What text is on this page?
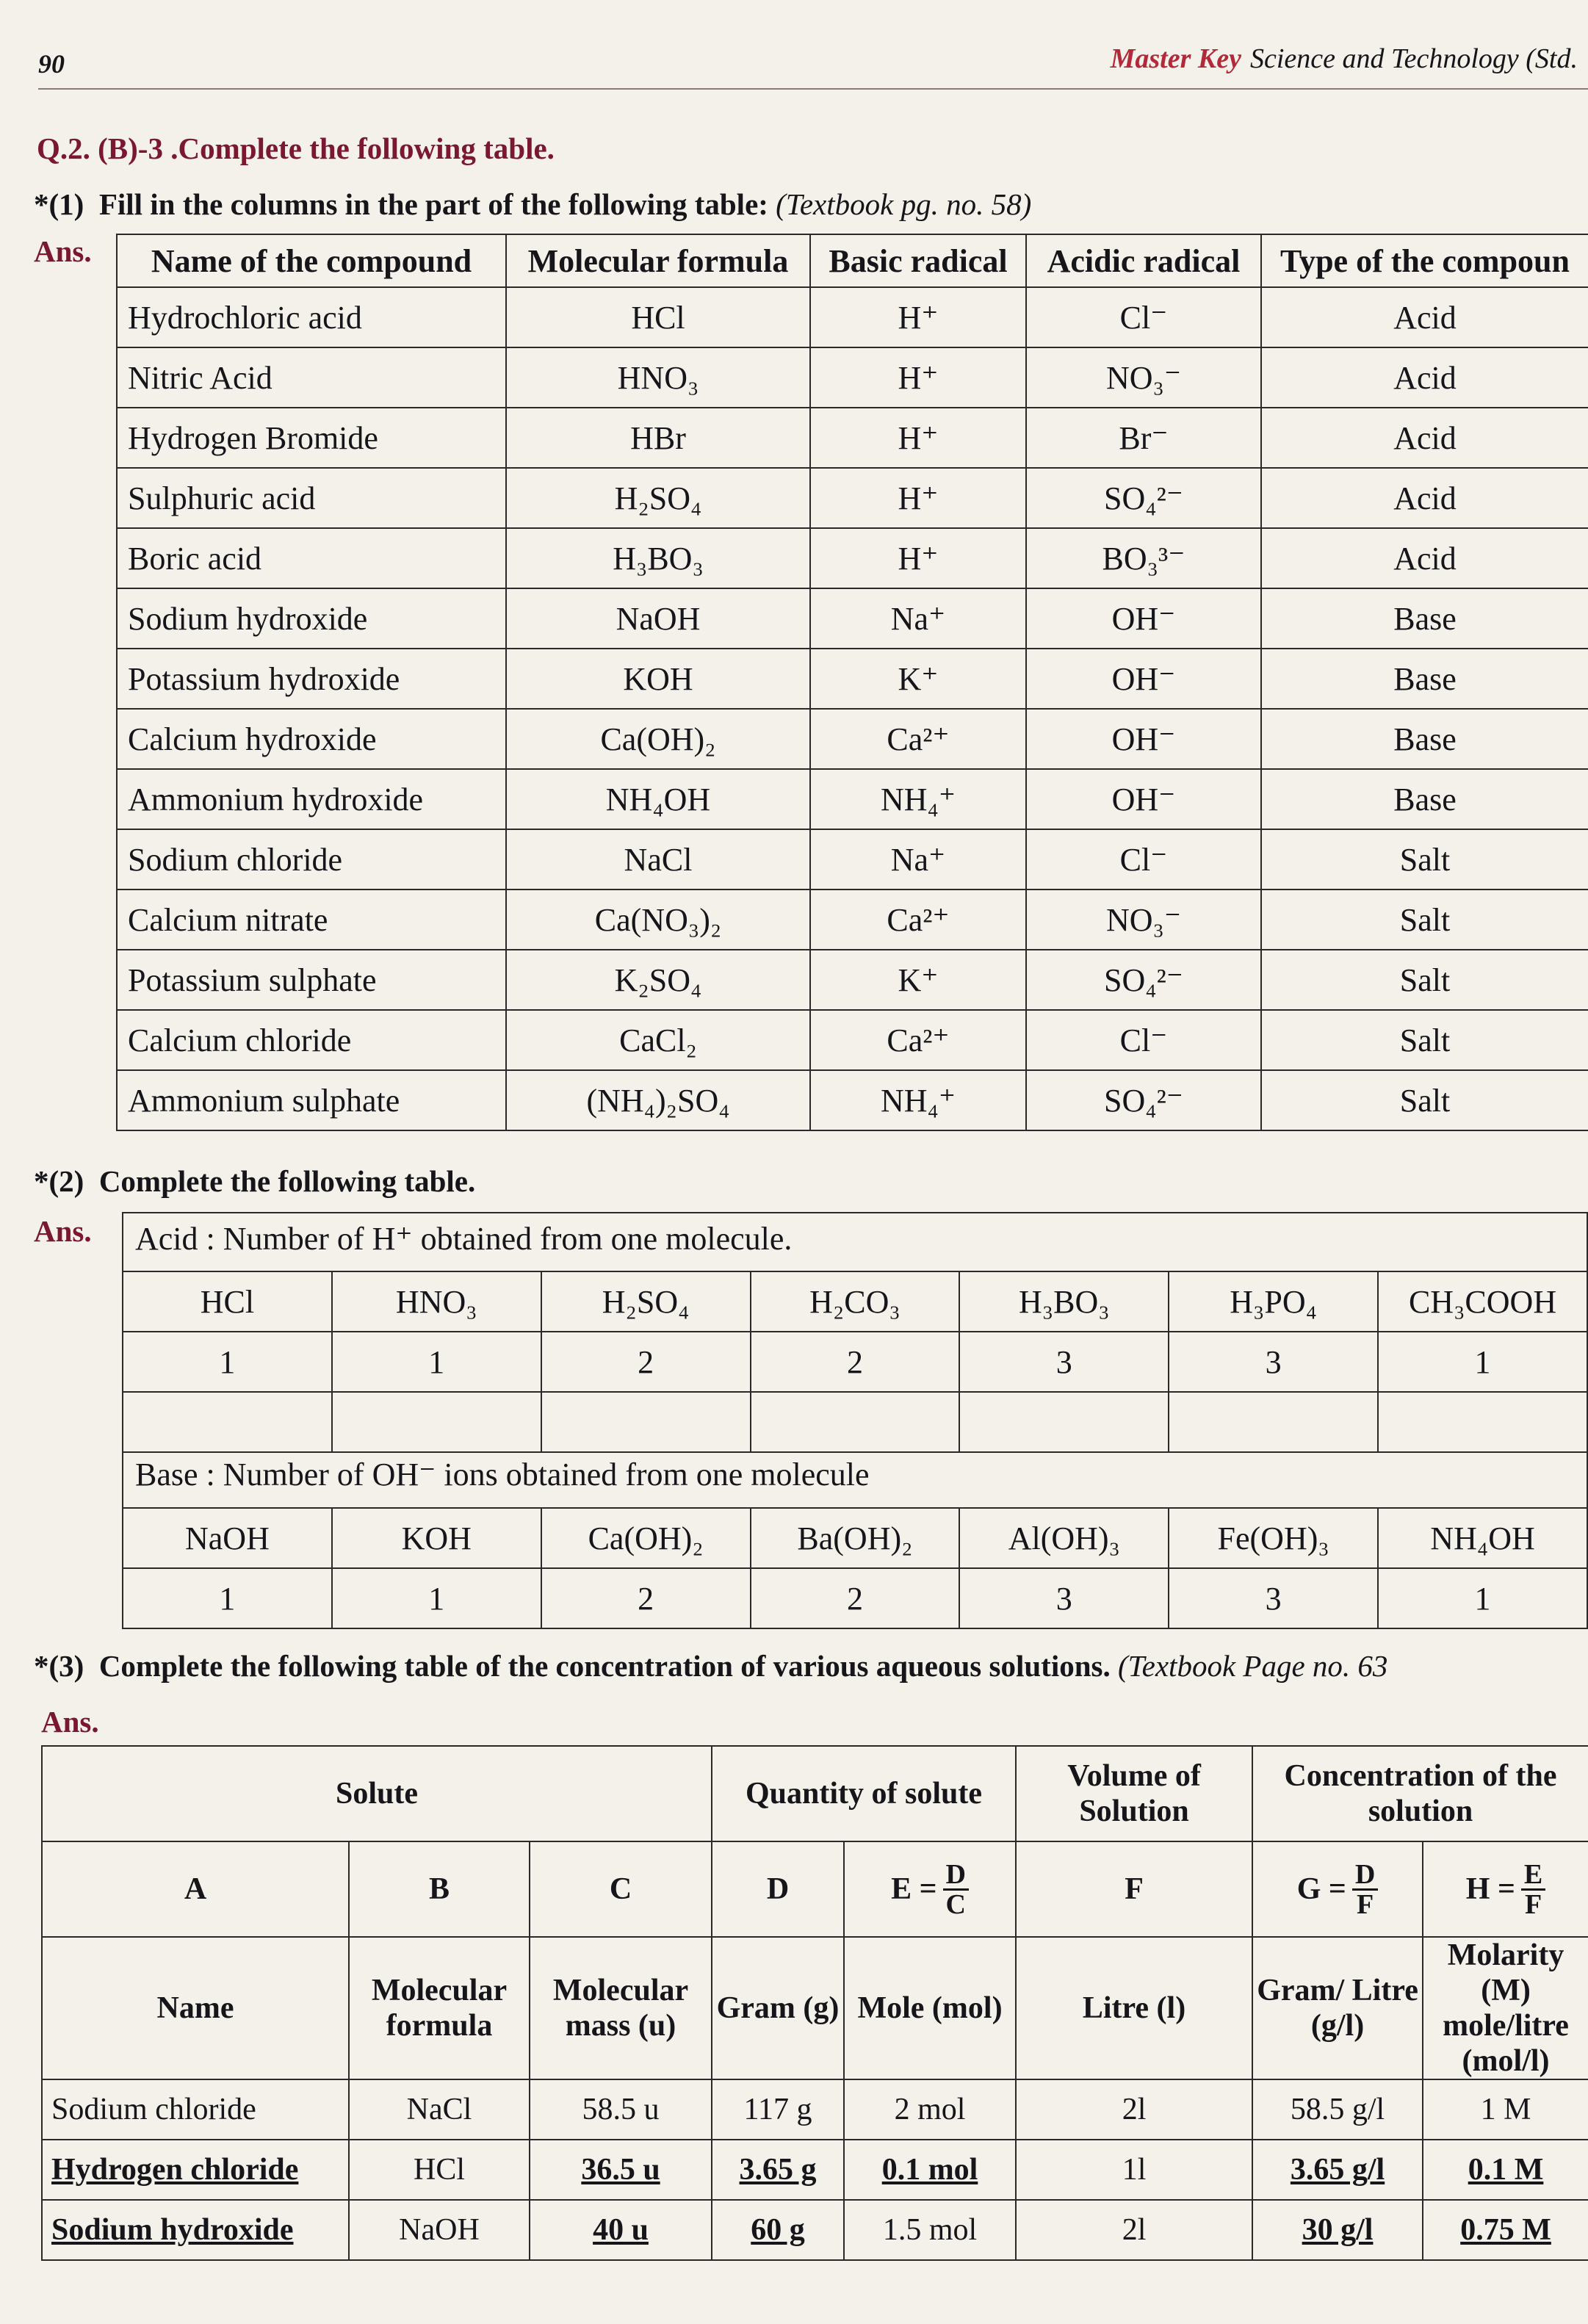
90	Master Key Science and Technology (Std.
Q.2. (B)-3 .Complete the following table.
*(1) Fill in the columns in the part of the following table: (Textbook pg. no. 58)
Ans. Name of the compound	Molecular formula	Basic radical	Acidic radical	Type of the compoun
Hydrochloric acid	HCl	H⁺	Cl⁻	Acid
Nitric Acid	HNO₃	H⁺	NO₃⁻	Acid
Hydrogen Bromide	HBr	H⁺	Br⁻	Acid
Sulphuric acid	H₂SO₄	H⁺	SO₄²⁻	Acid
Boric acid	H₃BO₃	H⁺	BO₃³⁻	Acid
Sodium hydroxide	NaOH	Na⁺	OH⁻	Base
Potassium hydroxide	KOH	K⁺	OH⁻	Base
Calcium hydroxide	Ca(OH)₂	Ca²⁺	OH⁻	Base
Ammonium hydroxide	NH₄OH	NH₄⁺	OH⁻	Base
Sodium chloride	NaCl	Na⁺	Cl⁻	Salt
Calcium nitrate	Ca(NO₃)₂	Ca²⁺	NO₃⁻	Salt
Potassium sulphate	K₂SO₄	K⁺	SO₄²⁻	Salt
Calcium chloride	CaCl₂	Ca²⁺	Cl⁻	Salt
Ammonium sulphate	(NH₄)₂SO₄	NH₄⁺	SO₄²⁻	Salt
*(2) Complete the following table.
Ans.	Acid : Number of H⁺ obtained from one molecule.
HCl	HNO₃	H₂SO₄	H₂CO₃	H₃BO₃	H₃PO₄	CH₃COOH
1	1	2	2	3	3	1

Base : Number of OH⁻ ions obtained from one molecule
NaOH	KOH	Ca(OH)₂	Ba(OH)₂	Al(OH)₃	Fe(OH)₃	NH₄OH
1	1	2	2	3	3	1
*(3) Complete the following table of the concentration of various aqueous solutions. (Textbook Page no. 63
Ans.
Solute			Quantity of solute		Volume of Solution	Concentration of the solution	
A	B	C	D	$E = \frac{D}{C}$	F	$G = \frac{D}{F}$	$H = \frac{E}{F}$

Name	Molecular formula	Molecular mass (u)	Gram (g)	Mole (mol)	Litre (l)	Gram/ Litre (g/l)	Molarity (M) mole/litre (mol/l)
Sodium chloride	NaCl	58.5 u	117 g	2 mol	2l	58.5 g/l	1 M
Hydrogen chloride	HCl	36.5 u	3.65 g	0.1 mol	1l	3.65 g/l	0.1 M
Sodium hydroxide	NaOH	40 u	60 g	1.5 mol	2l	30 g/l	0.75 M
